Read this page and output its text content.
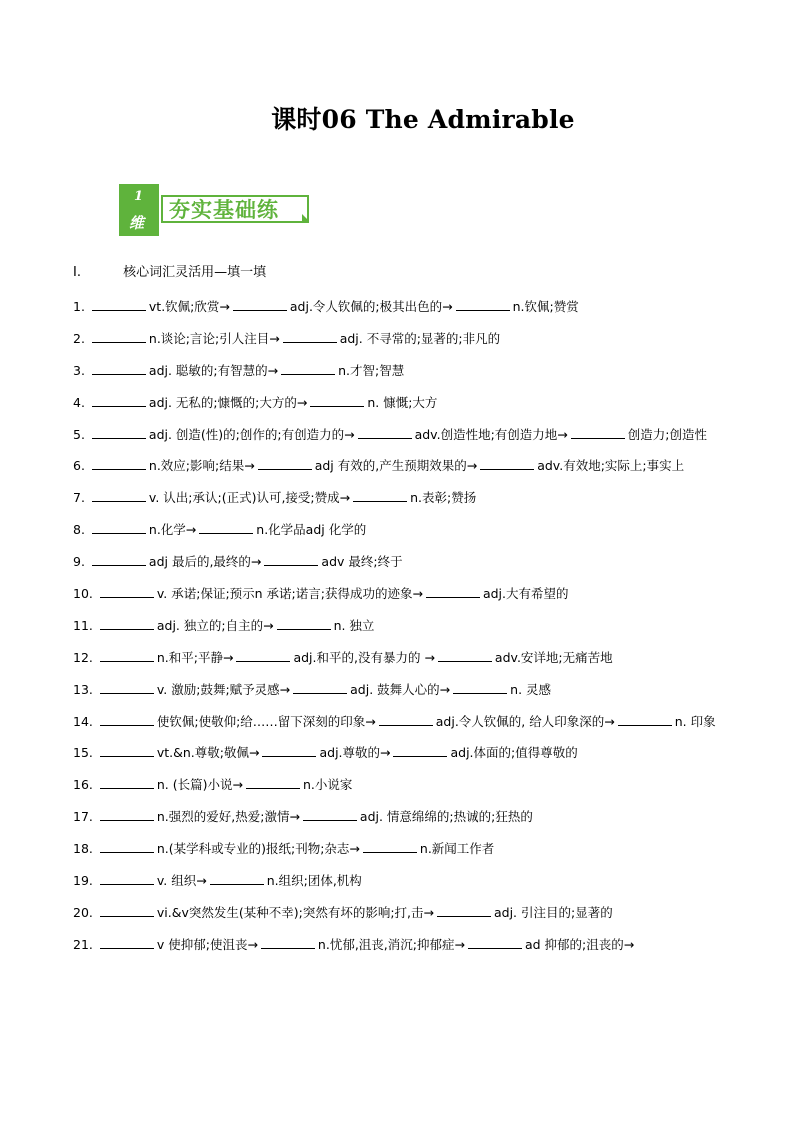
课时06 The Admirable
1
维
夯实基础练
I.	核心词汇灵活用—填一填
1.	vt.钦佩;欣赏→	adj.令人钦佩的;极其出色的→	n.钦佩;赞赏
2.	n.谈论;言论;引人注目→	adj. 不寻常的;显著的;非凡的
3.	adj. 聪敏的;有智慧的→	n.才智;智慧
4.	adj. 无私的;慷慨的;大方的→	n. 慷慨;大方
5.	adj. 创造(性)的;创作的;有创造力的→	adv.创造性地;有创造力地→	创造力;创造性
6.	n.效应;影响;结果→	adj 有效的,产生预期效果的→	adv.有效地;实际上;事实上
7.	v. 认出;承认;(正式)认可,接受;赞成→	n.表彰;赞扬
8.	n.化学→	n.化学品adj 化学的
9.	adj 最后的,最终的→	adv 最终;终于
10.	v. 承诺;保证;预示n 承诺;诺言;获得成功的迹象→	adj.大有希望的
11.	adj. 独立的;自主的→	n. 独立
12.	n.和平;平静→	adj.和平的,没有暴力的 →	adv.安详地;无痛苦地
13.	v. 激励;鼓舞;赋予灵感→	adj. 鼓舞人心的→	n. 灵感
14.	使钦佩;使敬仰;给……留下深刻的印象→	adj.令人钦佩的, 给人印象深的→	n. 印象
15.	vt.&n.尊敬;敬佩→	adj.尊敬的→	adj.体面的;值得尊敬的
16.	n. (长篇)小说→	n.小说家
17.	n.强烈的爱好,热爱;激情→	adj. 情意绵绵的;热诚的;狂热的
18.	n.(某学科或专业的)报纸;刊物;杂志→	n.新闻工作者
19.	v. 组织→	n.组织;团体,机构
20.	vi.&v突然发生(某种不幸);突然有坏的影响;打,击→	adj. 引注目的;显著的
21.	v 使抑郁;使沮丧→	n.忧郁,沮丧,消沉;抑郁症→	ad 抑郁的;沮丧的→
